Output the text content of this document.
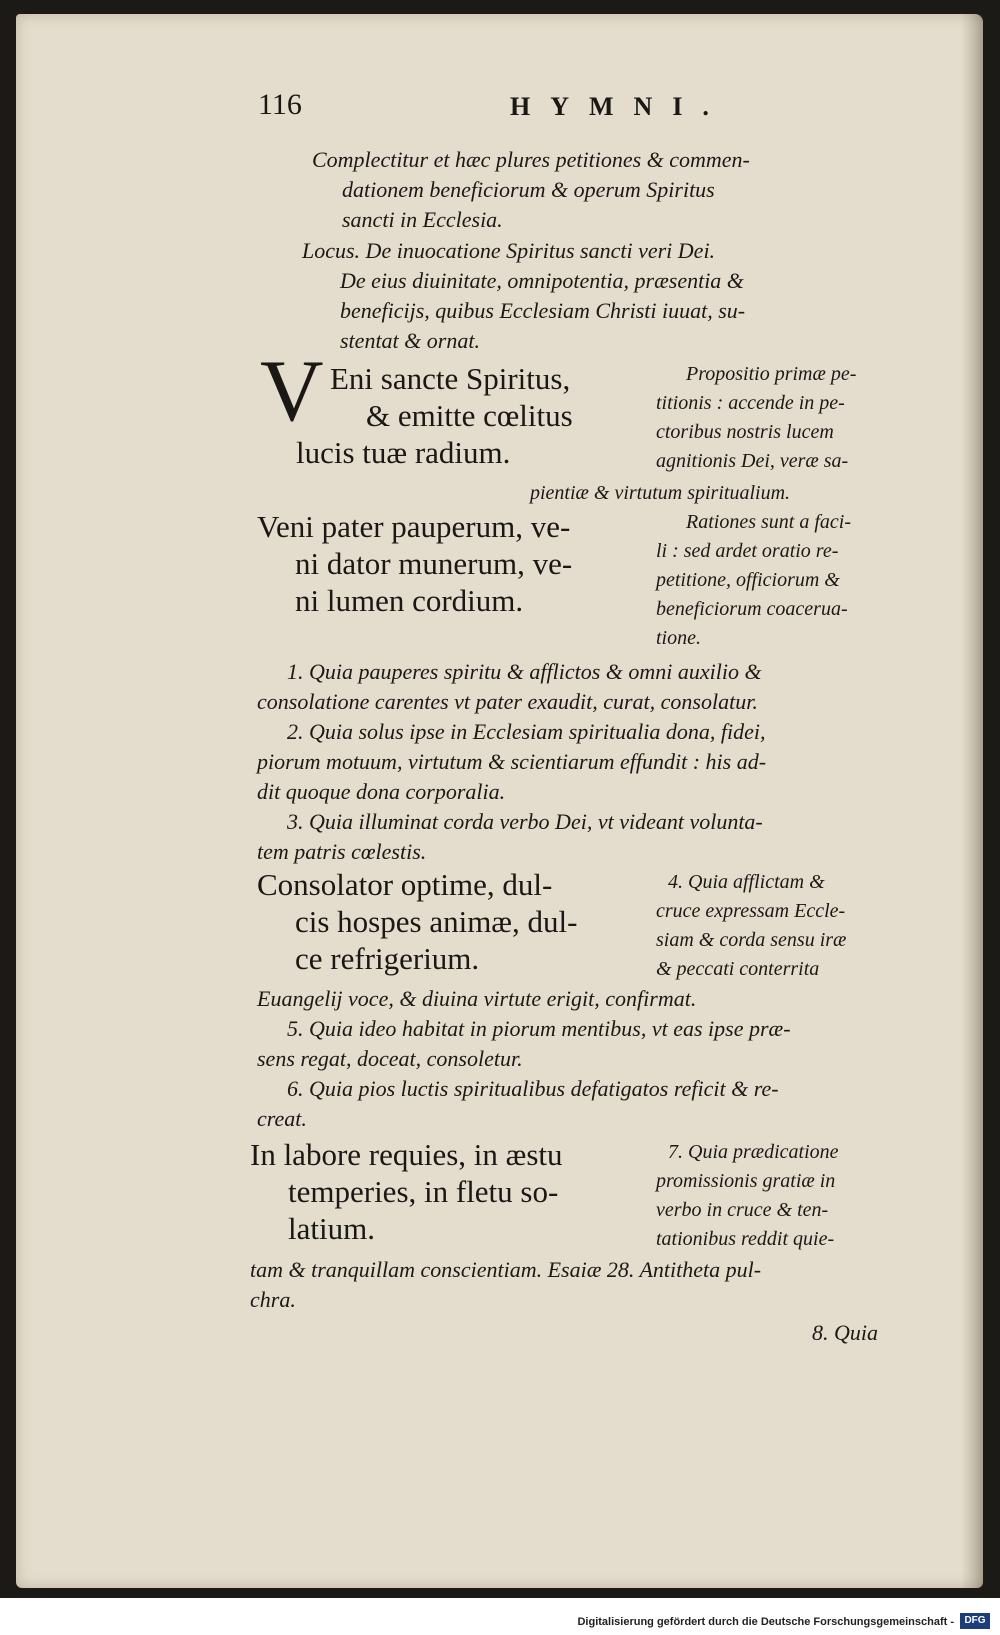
116	HYMNI.
Complectitur et hæc plures petitiones & commen-
dationem beneficiorum & operum Spiritus
sancti in Ecclesia.
Locus. De inuocatione Spiritus sancti veri Dei.
De eius diuinitate, omnipotentia, præsentia &
beneficijs, quibus Ecclesiam Christi iuuat, su-
stentat & ornat.
V Eni sancte Spiritus,
& emitte cœlitus
lucis tuæ radium.
Propositio primæ pe-
titionis : accende in pe-
ctoribus nostris lucem
agnitionis Dei, veræ sa-
pientiæ & virtutum spiritualium.
Veni pater pauperum, ve-
ni dator munerum, ve-
ni lumen cordium.
Rationes sunt a faci-
li : sed ardet oratio re-
petitione, officiorum &
beneficiorum coacerua-
tione.
1. Quia pauperes spiritu & afflictos & omni auxilio &
consolatione carentes vt pater exaudit, curat, consolatur.
2. Quia solus ipse in Ecclesiam spiritualia dona, fidei,
piorum motuum, virtutum & scientiarum effundit : his ad-
dit quoque dona corporalia.
3. Quia illuminat corda verbo Dei, vt videant volunta-
tem patris cœlestis.
Consolator optime, dul-
cis hospes animæ, dul-
ce refrigerium.
4. Quia afflictam &
cruce expressam Eccle-
siam & corda sensu iræ
& peccati conterrita
Euangelij voce, & diuina virtute erigit, confirmat.
5. Quia ideo habitat in piorum mentibus, vt eas ipse præ-
sens regat, doceat, consoletur.
6. Quia pios luctis spiritualibus defatigatos reficit & re-
creat.
In labore requies, in æstu
temperies, in fletu so-
latium.
7. Quia prædicatione
promissionis gratiæ in
verbo in cruce & ten-
tationibus reddit quie-
tam & tranquillam conscientiam. Esaiæ 28. Antitheta pul-
chra.
8. Quia
Digitalisierung gefördert durch die Deutsche Forschungsgemeinschaft -	DFG
